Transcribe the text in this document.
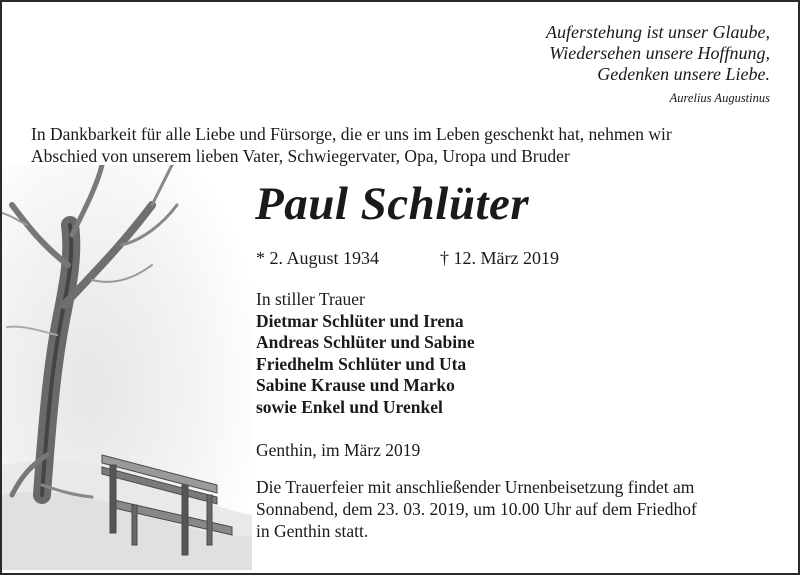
Auferstehung ist unser Glaube,
Wiedersehen unsere Hoffnung,
Gedenken unsere Liebe.
Aurelius Augustinus
In Dankbarkeit für alle Liebe und Fürsorge, die er uns im Leben geschenkt hat, nehmen wir
Abschied von unserem lieben Vater, Schwiegervater, Opa, Uropa und Bruder
Paul Schlüter
* 2. August 1934	† 12. März 2019
In stiller Trauer
Dietmar Schlüter und Irena
Andreas Schlüter und Sabine
Friedhelm Schlüter und Uta
Sabine Krause und Marko
sowie Enkel und Urenkel
Genthin, im März 2019
Die Trauerfeier mit anschließender Urnenbeisetzung findet am
Sonnabend, dem 23. 03. 2019, um 10.00 Uhr auf dem Friedhof
in Genthin statt.
